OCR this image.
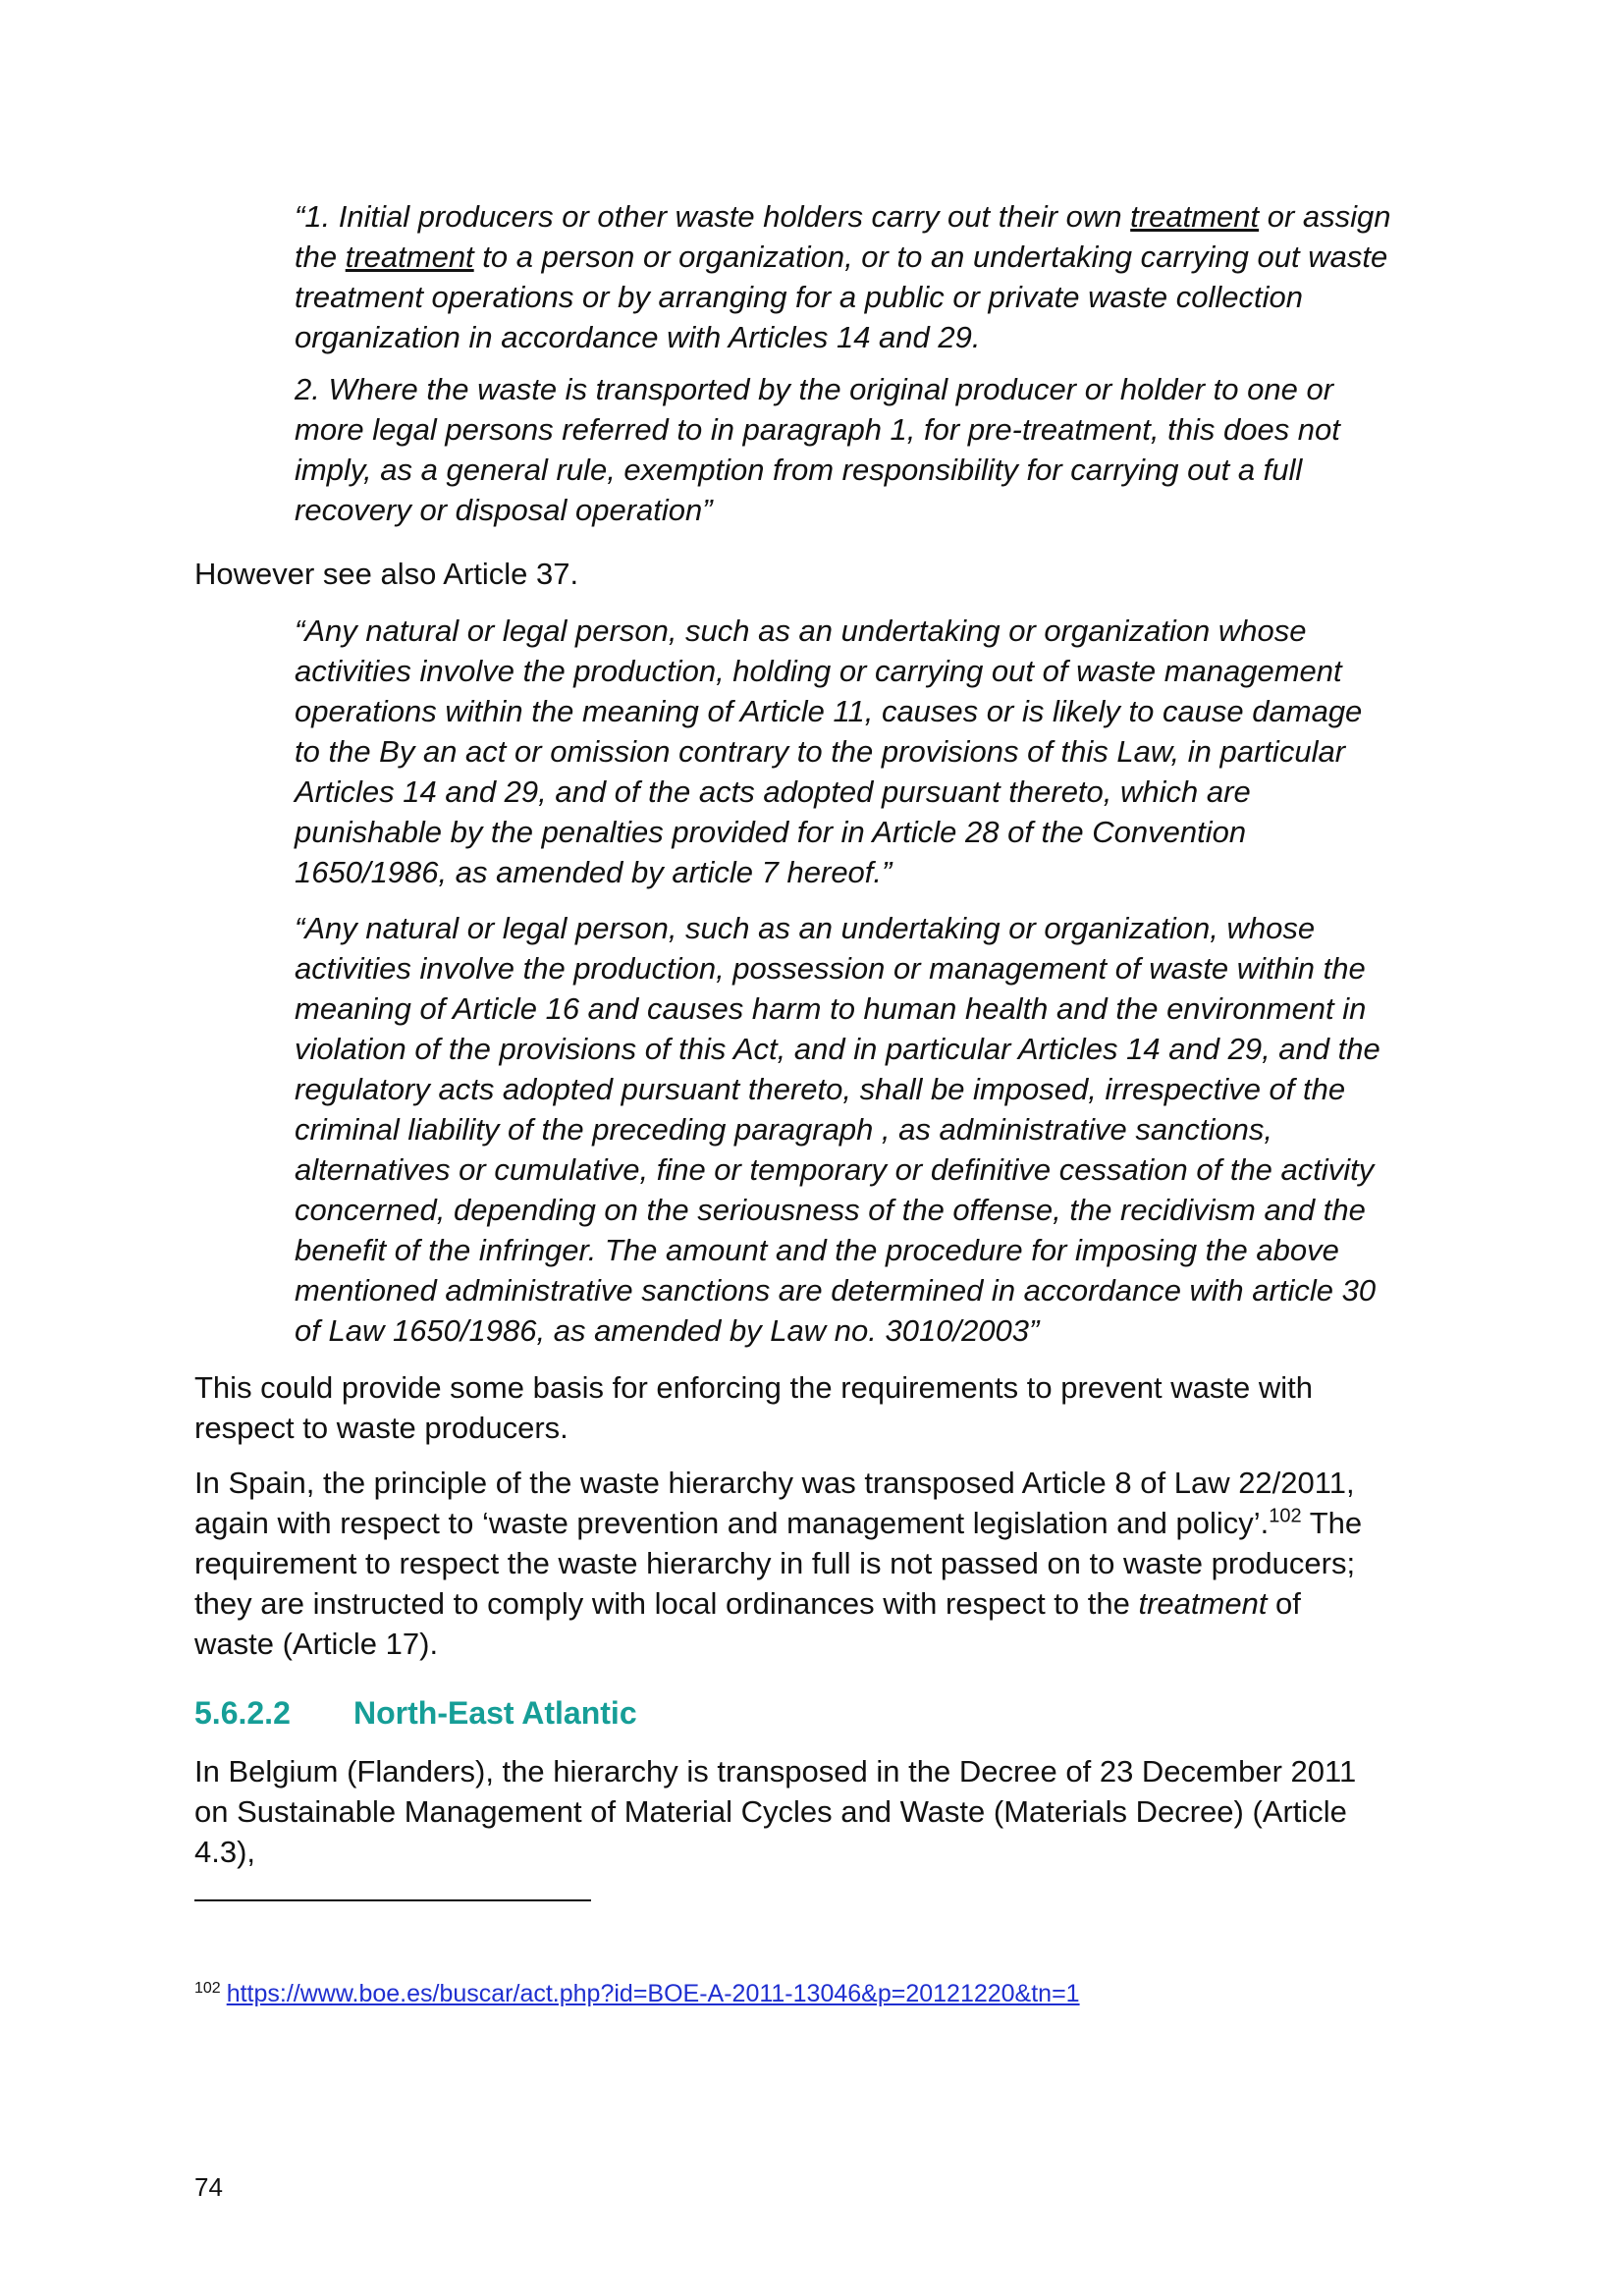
“1. Initial producers or other waste holders carry out their own treatment or assign the treatment to a person or organization, or to an undertaking carrying out waste treatment operations or by arranging for a public or private waste collection organization in accordance with Articles 14 and 29.

2. Where the waste is transported by the original producer or holder to one or more legal persons referred to in paragraph 1, for pre-treatment, this does not imply, as a general rule, exemption from responsibility for carrying out a full recovery or disposal operation”

However see also Article 37.

“Any natural or legal person, such as an undertaking or organization whose activities involve the production, holding or carrying out of waste management operations within the meaning of Article 11, causes or is likely to cause damage to the By an act or omission contrary to the provisions of this Law, in particular Articles 14 and 29, and of the acts adopted pursuant thereto, which are punishable by the penalties provided for in Article 28 of the Convention 1650/1986, as amended by article 7 hereof.”

“Any natural or legal person, such as an undertaking or organization, whose activities involve the production, possession or management of waste within the meaning of Article 16 and causes harm to human health and the environment in violation of the provisions of this Act, and in particular Articles 14 and 29, and the regulatory acts adopted pursuant thereto, shall be imposed, irrespective of the criminal liability of the preceding paragraph , as administrative sanctions, alternatives or cumulative, fine or temporary or definitive cessation of the activity concerned, depending on the seriousness of the offense, the recidivism and the benefit of the infringer. The amount and the procedure for imposing the above mentioned administrative sanctions are determined in accordance with article 30 of Law 1650/1986, as amended by Law no. 3010/2003”

This could provide some basis for enforcing the requirements to prevent waste with respect to waste producers.

In Spain, the principle of the waste hierarchy was transposed Article 8 of Law 22/2011, again with respect to ‘waste prevention and management legislation and policy’.$^{102}$ The requirement to respect the waste hierarchy in full is not passed on to waste producers; they are instructed to comply with local ordinances with respect to the treatment of waste (Article 17).

5.6.2.2 North-East Atlantic

In Belgium (Flanders), the hierarchy is transposed in the Decree of 23 December 2011 on Sustainable Management of Material Cycles and Waste (Materials Decree) (Article 4.3),

$^{102}$ https://www.boe.es/buscar/act.php?id=BOE-A-2011-13046&p=20121220&tn=1
74
